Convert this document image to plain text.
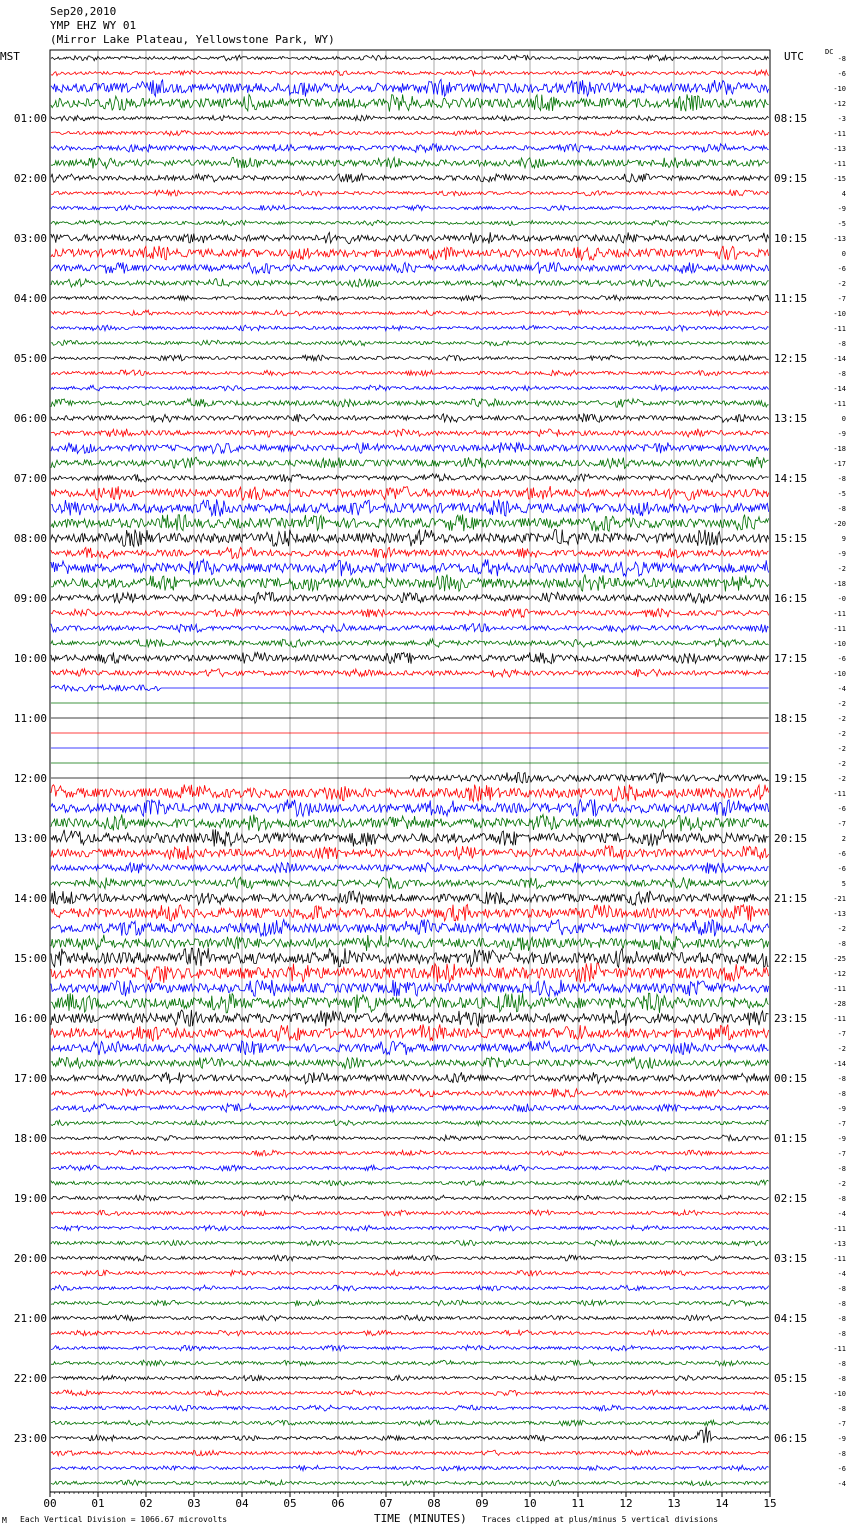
Sep20,2010
YMP EHZ WY 01
(Mirror Lake Plateau, Yellowstone Park, WY)
MST	UTC	DC
-8
-6
-10
-12
-3
-11
-13
-11
-15
4
-9
-5
-13
0
-6
-2
-7
-10
-11
-8
-14
-8
-14
-11
0
-9
-18
-17
-8
-5
-8
-20
9
-9
-2
-18
-0
-11
-11
-10
-6
-10
-4
-2
-2
-2
-2
-2
-2
-11
-6
-7
2
-6
-6
5
-21
-13
-2
-8
-25
-12
-11
-28
-11
-7
-2
-14
-8
-8
-9
-7
-9
-7
-8
-2
-8
-4
-11
-13
-11
-4
-8
-8
-8
-8
-11
-8
-8
-10
-8
-7
-9
-8
-6
-4
01:00
02:00
03:00
04:00
05:00
06:00
07:00
08:00
09:00
10:00
11:00
12:00
13:00
14:00
15:00
16:00
17:00
18:00
19:00
20:00
21:00
22:00
23:00
08:15
09:15
10:15
11:15
12:15
13:15
14:15
15:15
16:15
17:15
18:15
19:15
20:15
21:15
22:15
23:15
00:15
01:15
02:15
03:15
04:15
05:15
06:15
00	01	02	03	04	05	06	07	08	09	10	11	12	13	14	15
TIME (MINUTES)
M Each Vertical Division = 1066.67 microvolts	Traces clipped at plus/minus 5 vertical divisions
